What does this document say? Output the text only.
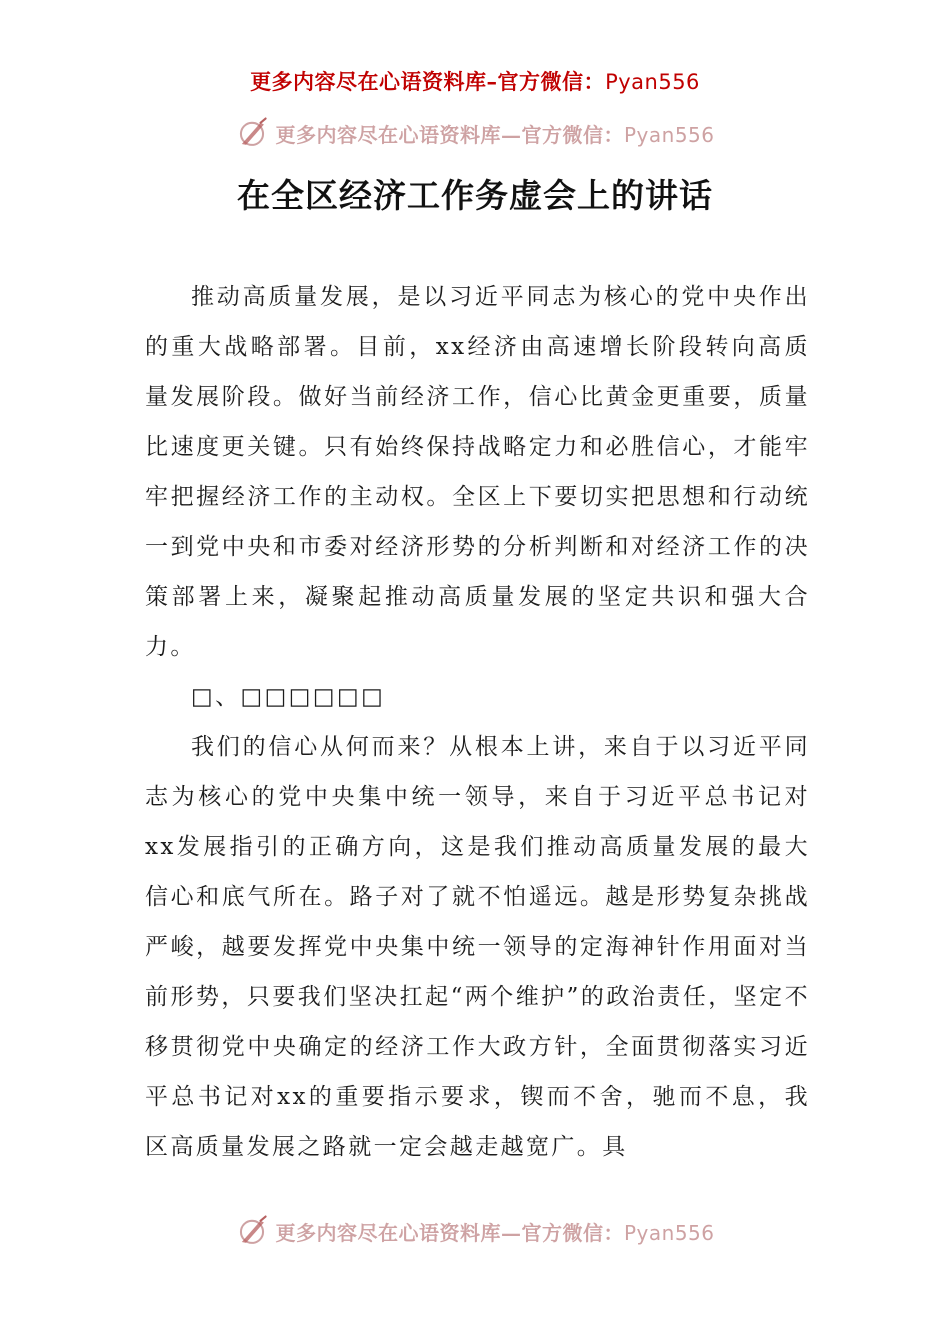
更多内容尽在心语资料库–官方微信：Pyan556
更多内容尽在心语资料库—官方微信：Pyan556
在全区经济工作务虚会上的讲话

推动高质量发展，是以习近平同志为核心的党中央作出的重大战略部署。目前，xx经济由高速增长阶段转向高质量发展阶段。做好当前经济工作，信心比黄金更重要，质量比速度更关键。只有始终保持战略定力和必胜信心，才能牢牢把握经济工作的主动权。全区上下要切实把思想和行动统一到党中央和市委对经济形势的分析判断和对经济工作的决策部署上来，凝聚起推动高质量发展的坚定共识和强大合力。

□、□□□□□□

我们的信心从何而来？从根本上讲，来自于以习近平同志为核心的党中央集中统一领导，来自于习近平总书记对xx发展指引的正确方向，这是我们推动高质量发展的最大信心和底气所在。路子对了就不怕遥远。越是形势复杂挑战严峻，越要发挥党中央集中统一领导的定海神针作用面对当前形势，只要我们坚决扛起“两个维护”的政治责任，坚定不移贯彻党中央确定的经济工作大政方针，全面贯彻落实习近平总书记对xx的重要指示要求，锲而不舍，驰而不息，我区高质量发展之路就一定会越走越宽广。具

更多内容尽在心语资料库—官方微信：Pyan556
